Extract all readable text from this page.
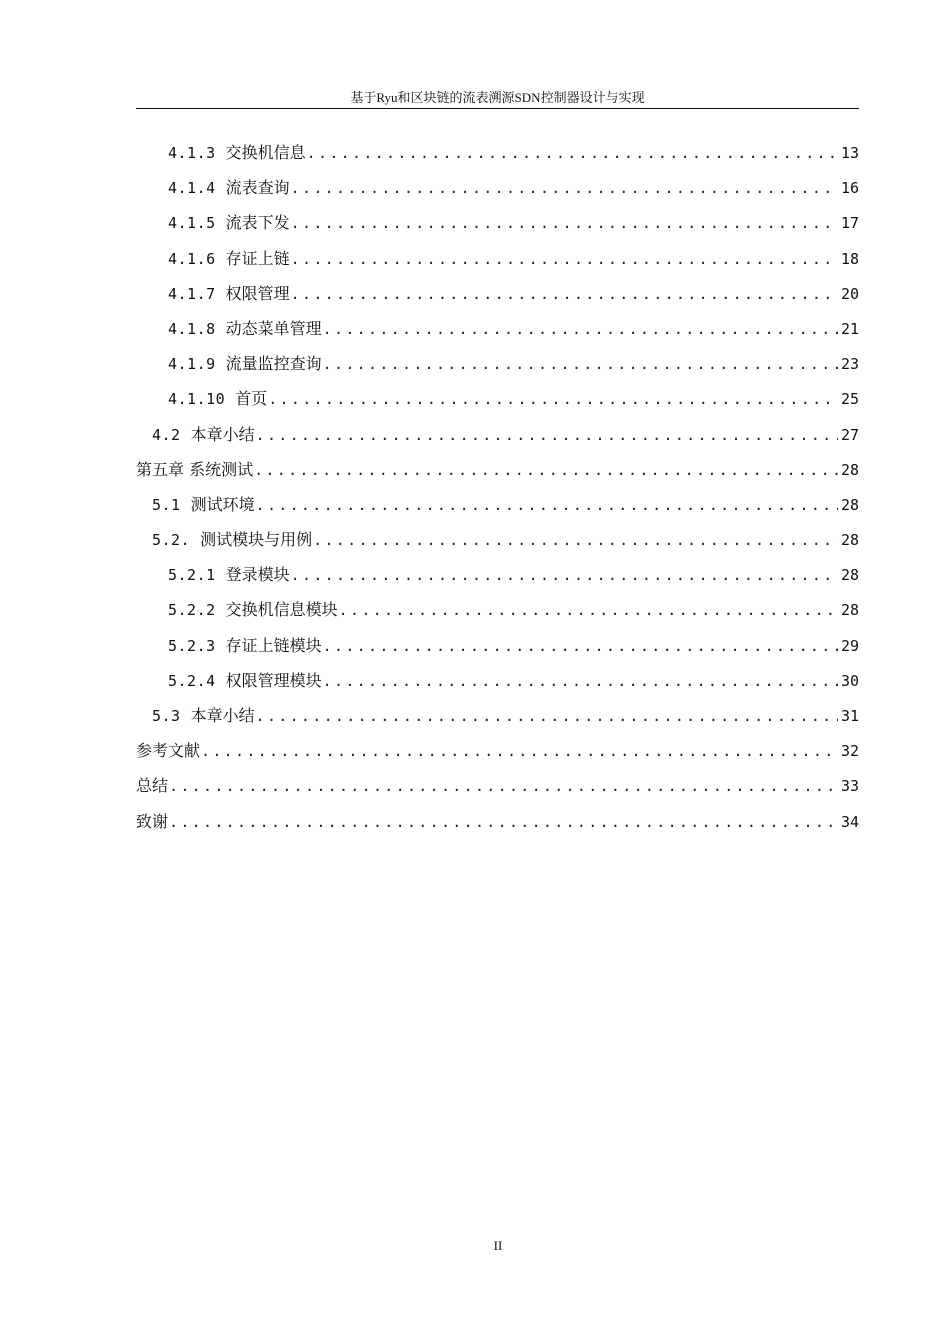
基于Ryu和区块链的流表溯源SDN控制器设计与实现
4.1.3 交换机信息 .....	13
4.1.4 流表查询 .....	16
4.1.5 流表下发 .....	17
4.1.6 存证上链 .....	18
4.1.7 权限管理 .....	20
4.1.8 动态菜单管理 .....	21
4.1.9 流量监控查询 .....	23
4.1.10 首页 .....	25
4.2 本章小结 .....	27
第五章 系统测试 .....	28
5.1 测试环境 .....	28
5.2. 测试模块与用例 .....	28
5.2.1 登录模块 .....	28
5.2.2 交换机信息模块 .....	28
5.2.3 存证上链模块 .....	29
5.2.4 权限管理模块 .....	30
5.3 本章小结 .....	31
参考文献 .....	32
总结 .....	33
致谢 .....	34
II
